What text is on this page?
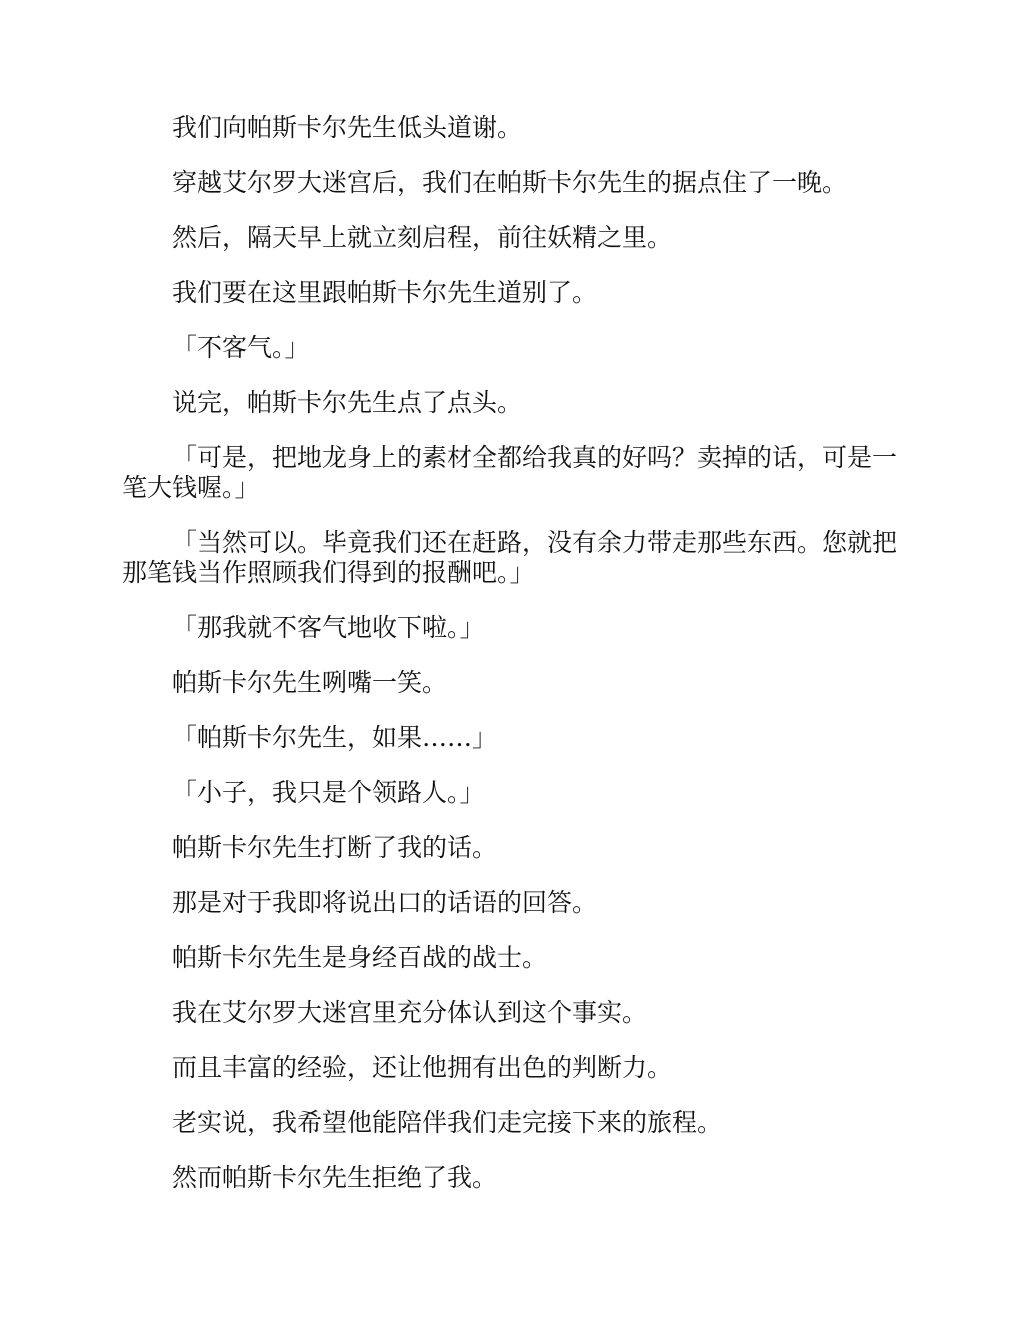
我们向帕斯卡尔先生低头道谢。

穿越艾尔罗大迷宫后，我们在帕斯卡尔先生的据点住了一晚。

然后，隔天早上就立刻启程，前往妖精之里。

我们要在这里跟帕斯卡尔先生道别了。

「不客气。」

说完，帕斯卡尔先生点了点头。

「可是，把地龙身上的素材全都给我真的好吗？卖掉的话，可是一笔大钱喔。」

「当然可以。毕竟我们还在赶路，没有余力带走那些东西。您就把那笔钱当作照顾我们得到的报酬吧。」

「那我就不客气地收下啦。」

帕斯卡尔先生咧嘴一笑。

「帕斯卡尔先生，如果……」

「小子，我只是个领路人。」

帕斯卡尔先生打断了我的话。

那是对于我即将说出口的话语的回答。

帕斯卡尔先生是身经百战的战士。

我在艾尔罗大迷宫里充分体认到这个事实。

而且丰富的经验，还让他拥有出色的判断力。

老实说，我希望他能陪伴我们走完接下来的旅程。

然而帕斯卡尔先生拒绝了我。
